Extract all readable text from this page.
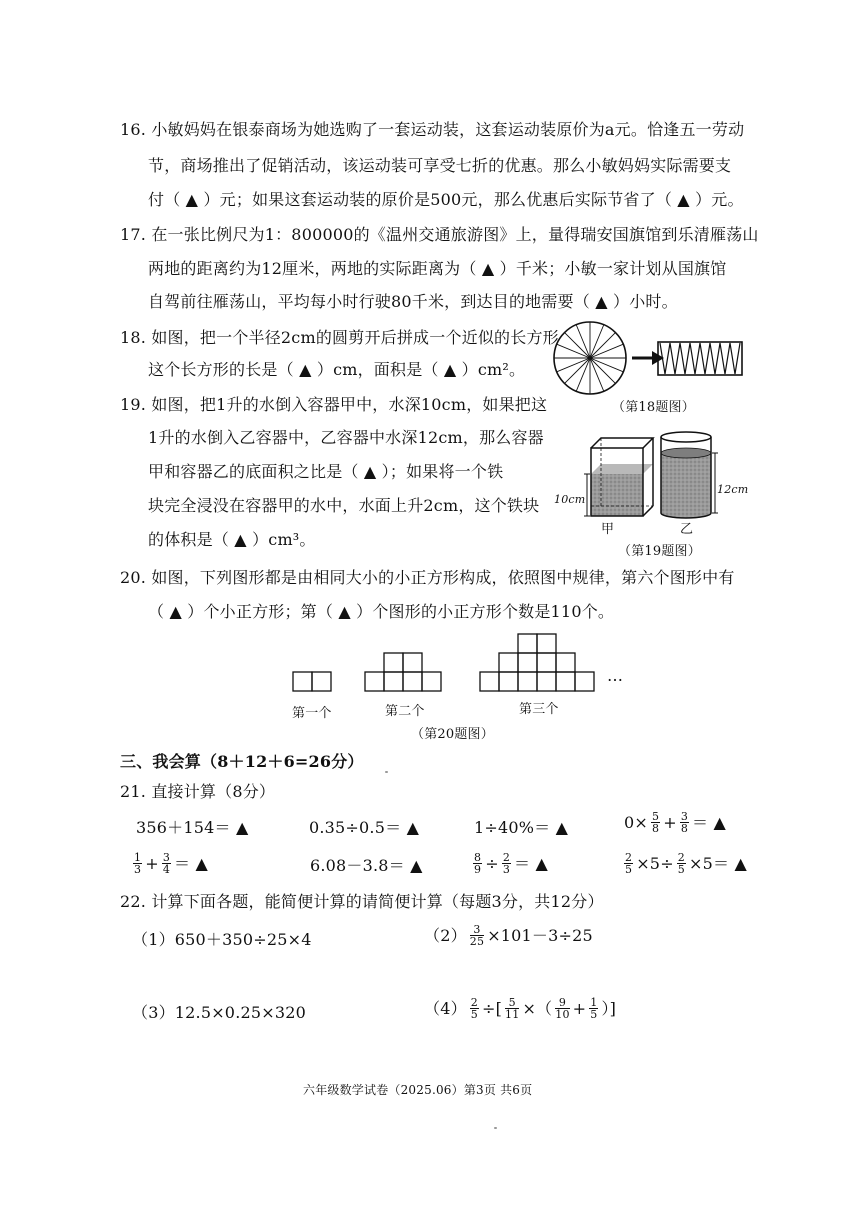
16. 小敏妈妈在银泰商场为她选购了一套运动装，这套运动装原价为a元。恰逢五一劳动
节，商场推出了促销活动，该运动装可享受七折的优惠。那么小敏妈妈实际需要支
付（ ▲ ）元；如果这套运动装的原价是500元，那么优惠后实际节省了（ ▲ ）元。
17. 在一张比例尺为1：800000的《温州交通旅游图》上，量得瑞安国旗馆到乐清雁荡山
两地的距离约为12厘米，两地的实际距离为（ ▲ ）千米；小敏一家计划从国旗馆
自驾前往雁荡山，平均每小时行驶80千米，到达目的地需要（ ▲ ）小时。
18. 如图，把一个半径2cm的圆剪开后拼成一个近似的长方形
这个长方形的长是（ ▲ ）cm，面积是（ ▲ ）cm²。
（第18题图）
19. 如图，把1升的水倒入容器甲中，水深10cm，如果把这
1升的水倒入乙容器中，乙容器中水深12cm，那么容器
甲和容器乙的底面积之比是（ ▲ ）；如果将一个铁
块完全浸没在容器甲的水中，水面上升2cm，这个铁块
的体积是（ ▲ ）cm³。
10cm
12cm
甲	乙
（第19题图）
20. 如图，下列图形都是由相同大小的小正方形构成，依照图中规律，第六个图形中有
（ ▲ ）个小正方形；第（ ▲ ）个图形的小正方形个数是110个。
…
第一个	第二个	第三个
（第20题图）
三、我会算（8＋12＋6=26分）
21. 直接计算（8分）
356＋154＝ ▲	0.35÷0.5＝ ▲	1÷40%＝ ▲	$0\times \frac{5}{8} + \frac{3}{8}$ ＝ ▲
$\frac{1}{3} + \frac{3}{4}$ ＝ ▲	6.08－3.8＝ ▲	$\frac{8}{9} \div \frac{2}{3}$ ＝ ▲	$\frac{2}{5} \times 5\div \frac{2}{5} \times 5=$ ▲
22. 计算下面各题，能简便计算的请简便计算（每题3分，共12分）
（1）650＋350÷25×4	$(2) \frac{3}{25} \times 101-3\div 25$
（3）12.5×0.25×320	$(4) \frac{2}{5}$ ÷[ $\frac{5}{11}$ ×（ $\frac{9}{10} + \frac{1}{5}$ ）]
六年级数学试卷（2025.06）第3页 共6页
